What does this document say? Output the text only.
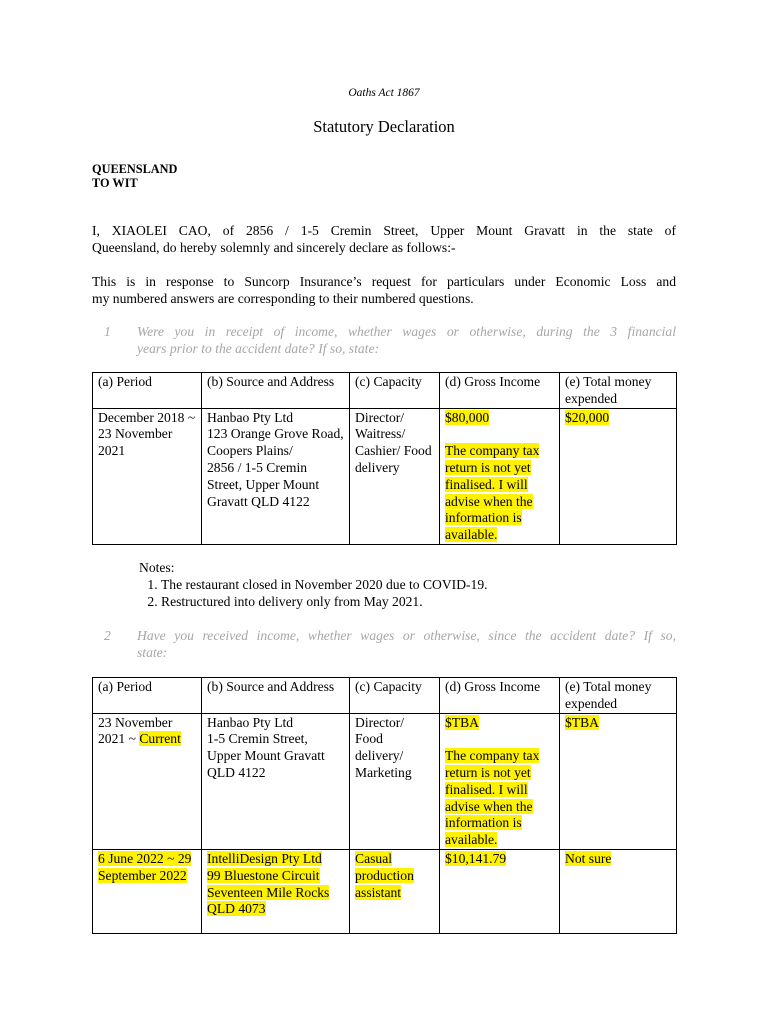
Oaths Act 1867
Statutory Declaration
QUEENSLAND
TO WIT
I, XIAOLEI CAO, of 2856 / 1-5 Cremin Street, Upper Mount Gravatt in the state of
Queensland, do hereby solemnly and sincerely declare as follows:-
This is in response to Suncorp Insurance’s request for particulars under Economic Loss and
my numbered answers are corresponding to their numbered questions.
1 Were you in receipt of income, whether wages or otherwise, during the 3 financial
years prior to the accident date? If so, state:
(a) Period	(b) Source and Address	(c) Capacity	(d) Gross Income	(e) Total money expended
December 2018 ~ 23 November 2021	Hanbao Pty Ltd
123 Orange Grove Road, Coopers Plains/
2856 / 1-5 Cremin Street, Upper Mount Gravatt QLD 4122	Director/ Waitress/ Cashier/ Food delivery	$80,000

The company tax return is not yet finalised. I will advise when the information is available.	$20,000
Notes:
1. The restaurant closed in November 2020 due to COVID-19.
2. Restructured into delivery only from May 2021.
2 Have you received income, whether wages or otherwise, since the accident date? If so,
state:
(a) Period	(b) Source and Address	(c) Capacity	(d) Gross Income	(e) Total money expended
23 November 2021 ~ Current	Hanbao Pty Ltd
1-5 Cremin Street, Upper Mount Gravatt QLD 4122	Director/ Food delivery/ Marketing	$TBA

The company tax return is not yet finalised. I will advise when the information is available.	$TBA
6 June 2022 ~ 29 September 2022	IntelliDesign Pty Ltd
99 Bluestone Circuit
Seventeen Mile Rocks
QLD 4073	Casual production assistant	$10,141.79	Not sure
